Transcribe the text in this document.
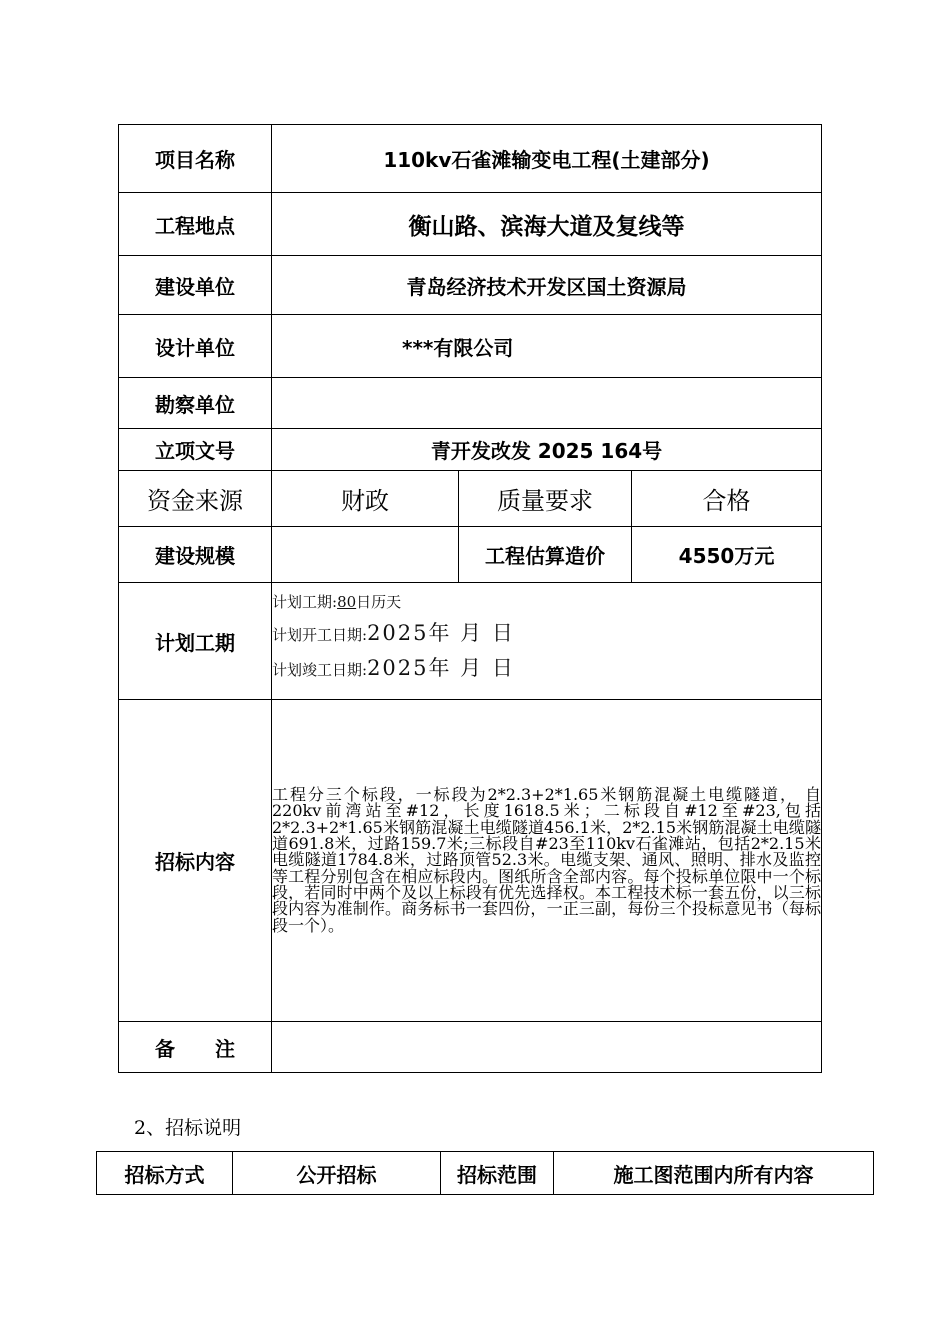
项目名称	110kv石雀滩输变电工程(土建部分)		
工程地点	衡山路、滨海大道及复线等		
建设单位	青岛经济技术开发区国土资源局		
设计单位	***有限公司		
勘察单位			
立项文号	青开发改发 2025 164号		
资金来源	财政	质量要求	合格
建设规模		工程估算造价	4550万元
计划工期	计划工期:80日历天
计划开工日期:2025年 月 日
计划竣工日期:2025年 月 日		

招标内容	工程分三个标段，一标段为2*2.3+2*1.65米钢筋混凝土电缆隧道， 自220kv前湾站至#12，长度1618.5米；二标段自#12至#23,包括2*2.3+2*1.65米钢筋混凝土电缆隧道456.1米，2*2.15米钢筋混凝土电缆隧道691.8米，过路159.7米;三标段自#23至110kv石雀滩站，包括2*2.15米电缆隧道1784.8米，过路顶管52.3米。电缆支架、通风、照明、排水及监控等工程分别包含在相应标段内。图纸所含全部内容。每个投标单位限中一个标段，若同时中两个及以上标段有优先选择权。本工程技术标一套五份，以三标段内容为准制作。商务标书一套四份，一正三副，每份三个投标意见书（每标段一个）。		
备　　注			
2、招标说明
招标方式	公开招标	招标范围	施工图范围内所有内容
